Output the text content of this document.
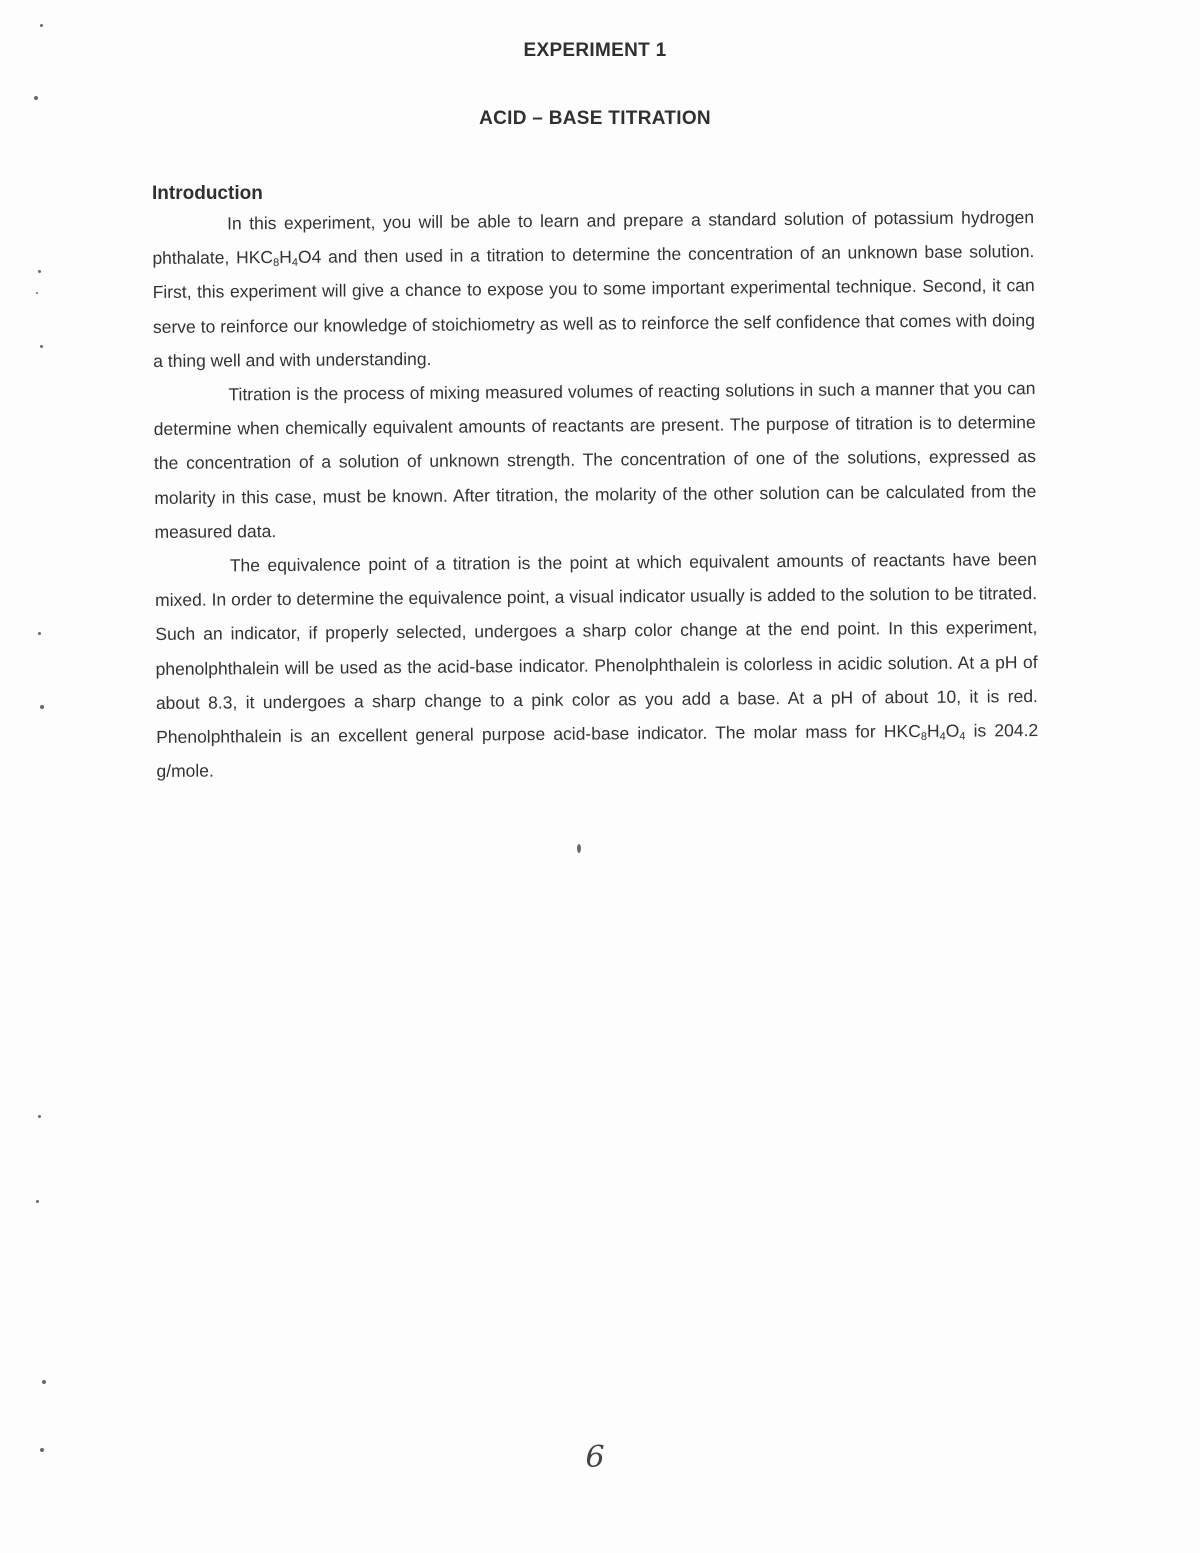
EXPERIMENT 1
ACID – BASE TITRATION
Introduction

In this experiment, you will be able to learn and prepare a standard solution of potassium hydrogen phthalate, $HKC_8H_4O4$ and then used in a titration to determine the concentration of an unknown base solution. First, this experiment will give a chance to expose you to some important experimental technique. Second, it can serve to reinforce our knowledge of stoichiometry as well as to reinforce the self confidence that comes with doing a thing well and with understanding.

Titration is the process of mixing measured volumes of reacting solutions in such a manner that you can determine when chemically equivalent amounts of reactants are present. The purpose of titration is to determine the concentration of a solution of unknown strength. The concentration of one of the solutions, expressed as molarity in this case, must be known. After titration, the molarity of the other solution can be calculated from the measured data.

The equivalence point of a titration is the point at which equivalent amounts of reactants have been mixed. In order to determine the equivalence point, a visual indicator usually is added to the solution to be titrated. Such an indicator, if properly selected, undergoes a sharp color change at the end point. In this experiment, phenolphthalein will be used as the acid-base indicator. Phenolphthalein is colorless in acidic solution. At a pH of about 8.3, it undergoes a sharp change to a pink color as you add a base. At a pH of about 10, it is red. Phenolphthalein is an excellent general purpose acid-base indicator. The molar mass for $HKC_8H_4O_4$ is 204.2 g/mole.

6
